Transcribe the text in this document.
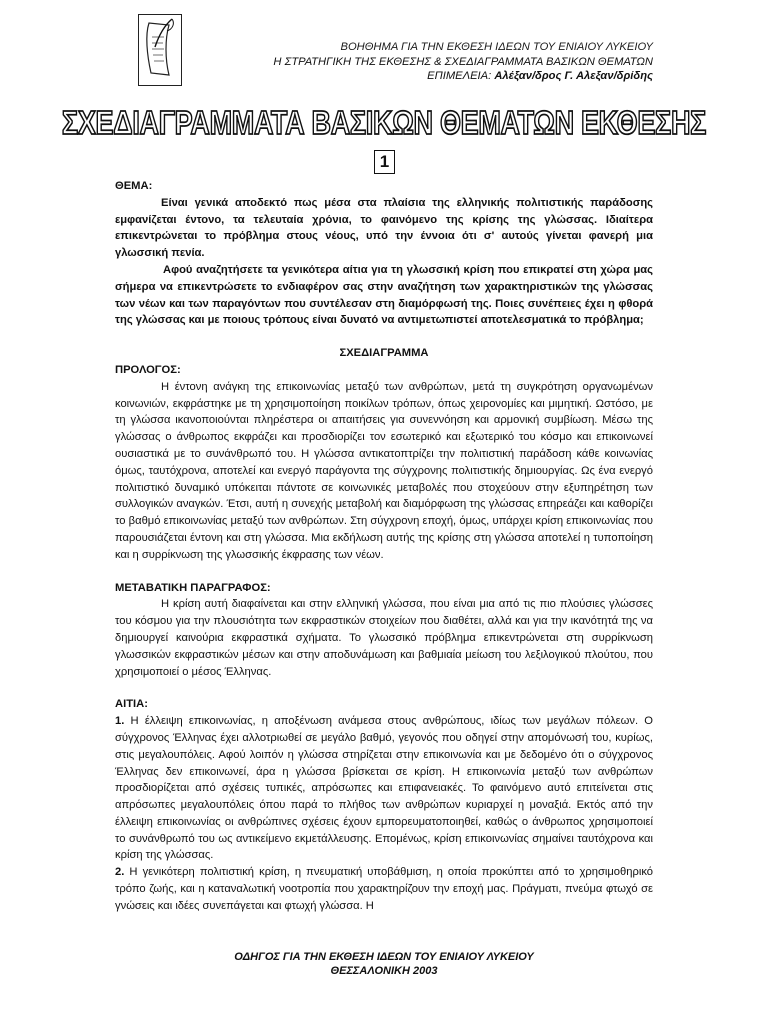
ΒΟΗΘΗΜΑ ΓΙΑ ΤΗΝ ΕΚΘΕΣΗ ΙΔΕΩΝ ΤΟΥ ΕΝΙΑΙΟΥ ΛΥΚΕΙΟΥ
Η ΣΤΡΑΤΗΓΙΚΗ ΤΗΣ ΕΚΘΕΣΗΣ & ΣΧΕΔΙΑΓΡΑΜΜΑΤΑ ΒΑΣΙΚΩΝ ΘΕΜΑΤΩΝ
ΕΠΙΜΕΛΕΙΑ: Αλέξαν/δρος Γ. Αλεξαν/δρίδης
ΣΧΕΔΙΑΓΡΑΜΜΑΤΑ ΒΑΣΙΚΩΝ ΘΕΜΑΤΩΝ ΕΚΘΕΣΗΣ
1

ΘΕΜΑ:

Είναι γενικά αποδεκτό πως μέσα στα πλαίσια της ελληνικής πολιτιστικής παράδοσης εμφανίζεται έντονο, τα τελευταία χρόνια, το φαινόμενο της κρίσης της γλώσσας. Ιδιαίτερα επικεντρώνεται το πρόβλημα στους νέους, υπό την έννοια ότι σ' αυτούς γίνεται φανερή μια γλωσσική πενία.

Αφού αναζητήσετε τα γενικότερα αίτια για τη γλωσσική κρίση που επικρατεί στη χώρα μας σήμερα να επικεντρώσετε το ενδιαφέρον σας στην αναζήτηση των χαρακτηριστικών της γλώσσας των νέων και των παραγόντων που συντέλεσαν στη διαμόρφωσή της. Ποιες συνέπειες έχει η φθορά της γλώσσας και με ποιους τρόπους είναι δυνατό να αντιμετωπιστεί αποτελεσματικά το πρόβλημα;

ΣΧΕΔΙΑΓΡΑΜΜΑ

ΠΡΟΛΟΓΟΣ:

Η έντονη ανάγκη της επικοινωνίας μεταξύ των ανθρώπων, μετά τη συγκρότηση οργανωμένων κοινωνιών, εκφράστηκε με τη χρησιμοποίηση ποικίλων τρόπων, όπως χειρονομίες και μιμητική. Ωστόσο, με τη γλώσσα ικανοποιούνται πληρέστερα οι απαιτήσεις για συνεννόηση και αρμονική συμβίωση. Μέσω της γλώσσας ο άνθρωπος εκφράζει και προσδιορίζει τον εσωτερικό και εξωτερικό του κόσμο και επικοινωνεί ουσιαστικά με το συνάνθρωπό του. Η γλώσσα αντικατοπτρίζει την πολιτιστική παράδοση κάθε κοινωνίας όμως, ταυτόχρονα, αποτελεί και ενεργό παράγοντα της σύγχρονης πολιτιστικής δημιουργίας. Ως ένα ενεργό πολιτιστικό δυναμικό υπόκειται πάντοτε σε κοινωνικές μεταβολές που στοχεύουν στην εξυπηρέτηση των συλλογικών αναγκών. Έτσι, αυτή η συνεχής μεταβολή και διαμόρφωση της γλώσσας επηρεάζει και καθορίζει το βαθμό επικοινωνίας μεταξύ των ανθρώπων. Στη σύγχρονη εποχή, όμως, υπάρχει κρίση επικοινωνίας που παρουσιάζεται έντονη και στη γλώσσα. Μια εκδήλωση αυτής της κρίσης στη γλώσσα αποτελεί η τυποποίηση και η συρρίκνωση της γλωσσικής έκφρασης των νέων.

ΜΕΤΑΒΑΤΙΚΗ ΠΑΡΑΓΡΑΦΟΣ:

Η κρίση αυτή διαφαίνεται και στην ελληνική γλώσσα, που είναι μια από τις πιο πλούσιες γλώσσες του κόσμου για την πλουσιότητα των εκφραστικών στοιχείων που διαθέτει, αλλά και για την ικανότητά της να δημιουργεί καινούρια εκφραστικά σχήματα. Το γλωσσικό πρόβλημα επικεντρώνεται στη συρρίκνωση γλωσσικών εκφραστικών μέσων και στην αποδυνάμωση και βαθμιαία μείωση του λεξιλογικού πλούτου, που χρησιμοποιεί ο μέσος Έλληνας.

ΑΙΤΙΑ:

1. Η έλλειψη επικοινωνίας, η αποξένωση ανάμεσα στους ανθρώπους, ιδίως των μεγάλων πόλεων. Ο σύγχρονος Έλληνας έχει αλλοτριωθεί σε μεγάλο βαθμό, γεγονός που οδηγεί στην απομόνωσή του, κυρίως, στις μεγαλουπόλεις. Αφού λοιπόν η γλώσσα στηρίζεται στην επικοινωνία και με δεδομένο ότι ο σύγχρονος Έλληνας δεν επικοινωνεί, άρα η γλώσσα βρίσκεται σε κρίση. Η επικοινωνία μεταξύ των ανθρώπων προσδιορίζεται από σχέσεις τυπικές, απρόσωπες και επιφανειακές. Το φαινόμενο αυτό επιτείνεται στις απρόσωπες μεγαλουπόλεις όπου παρά το πλήθος των ανθρώπων κυριαρχεί η μοναξιά. Εκτός από την έλλειψη επικοινωνίας οι ανθρώπινες σχέσεις έχουν εμπορευματοποιηθεί, καθώς ο άνθρωπος χρησιμοποιεί το συνάνθρωπό του ως αντικείμενο εκμετάλλευσης. Επομένως, κρίση επικοινωνίας σημαίνει ταυτόχρονα και κρίση της γλώσσας.

2. Η γενικότερη πολιτιστική κρίση, η πνευματική υποβάθμιση, η οποία προκύπτει από το χρησιμοθηρικό τρόπο ζωής, και η καταναλωτική νοοτροπία που χαρακτηρίζουν την εποχή μας. Πράγματι, πνεύμα φτωχό σε γνώσεις και ιδέες συνεπάγεται και φτωχή γλώσσα. Η

ΟΔΗΓΟΣ ΓΙΑ ΤΗΝ ΕΚΘΕΣΗ ΙΔΕΩΝ ΤΟΥ ΕΝΙΑΙΟΥ ΛΥΚΕΙΟΥ
ΘΕΣΣΑΛΟΝΙΚΗ 2003
